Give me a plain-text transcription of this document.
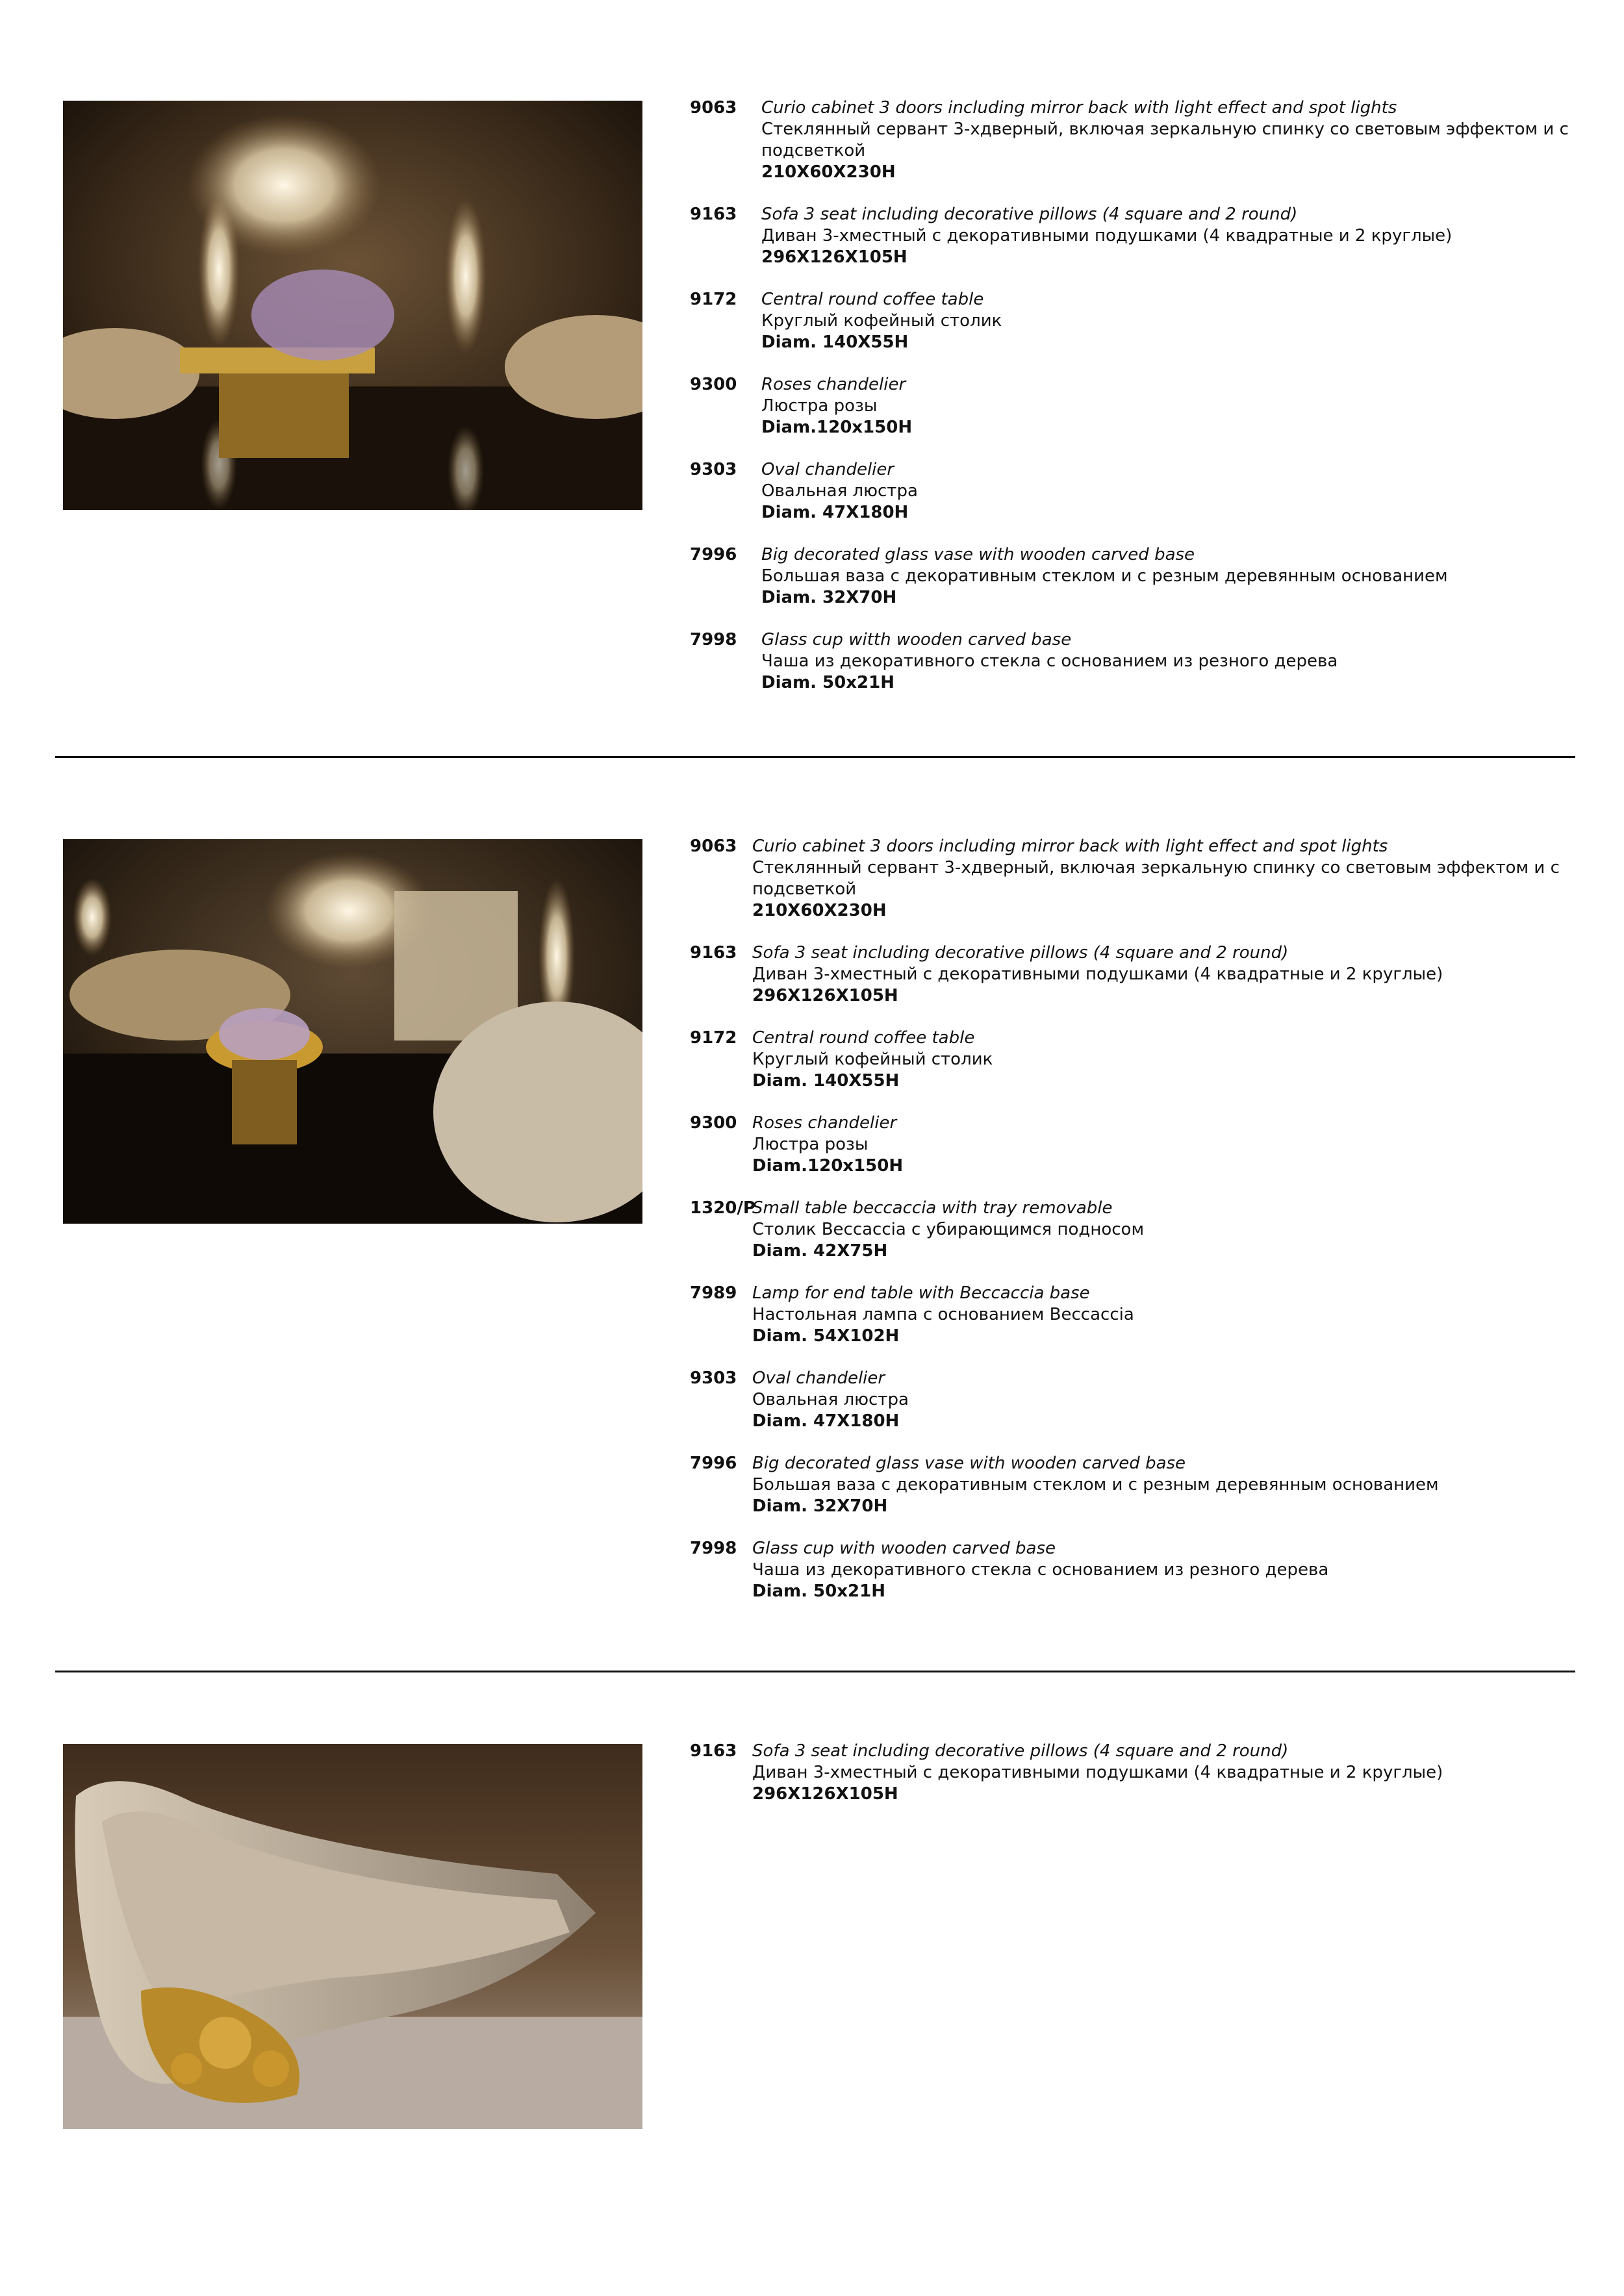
9063 Curio cabinet 3 doors including mirror back with light effect and spot lights
Стеклянный сервант 3-хдверный, включая зеркальную спинку со световым эффектом и с подсветкой
210X60X230H
9163 Sofa 3 seat including decorative pillows (4 square and 2 round)
Диван 3-хместный с декоративными подушками (4 квадратные и 2 круглые)
296X126X105H
9172 Central round coffee table
Круглый кофейный столик
Diam. 140X55H
9300 Roses chandelier
Люстра розы
Diam.120x150H
9303 Oval chandelier
Овальная люстра
Diam. 47X180H
7996 Big decorated glass vase with wooden carved base
Большая ваза с декоративным стеклом и с резным деревянным основанием
Diam. 32X70H
7998 Glass cup witth wooden carved base
Чаша из декоративного стекла с основанием из резного дерева
Diam. 50x21H
9063 Curio cabinet 3 doors including mirror back with light effect and spot lights
Стеклянный сервант 3-хдверный, включая зеркальную спинку со световым эффектом и с подсветкой
210X60X230H
9163 Sofa 3 seat including decorative pillows (4 square and 2 round)
Диван 3-хместный с декоративными подушками (4 квадратные и 2 круглые)
296X126X105H
9172 Central round coffee table
Круглый кофейный столик
Diam. 140X55H
9300 Roses chandelier
Люстра розы
Diam.120x150H
1320/P
Small table beccaccia with tray removable
Столик Beccaccia с убирающимся подносом
Diam. 42X75H
7989 Lamp for end table with Beccaccia base
Настольная лампа с основанием Beccaccia
Diam. 54X102H
9303 Oval chandelier
Овальная люстра
Diam. 47X180H
7996 Big decorated glass vase with wooden carved base
Большая ваза с декоративным стеклом и с резным деревянным основанием
Diam. 32X70H
7998 Glass cup with wooden carved base
Чаша из декоративного стекла с основанием из резного дерева
Diam. 50x21H
9163 Sofa 3 seat including decorative pillows (4 square and 2 round)
Диван 3-хместный с декоративными подушками (4 квадратные и 2 круглые)
296X126X105H
